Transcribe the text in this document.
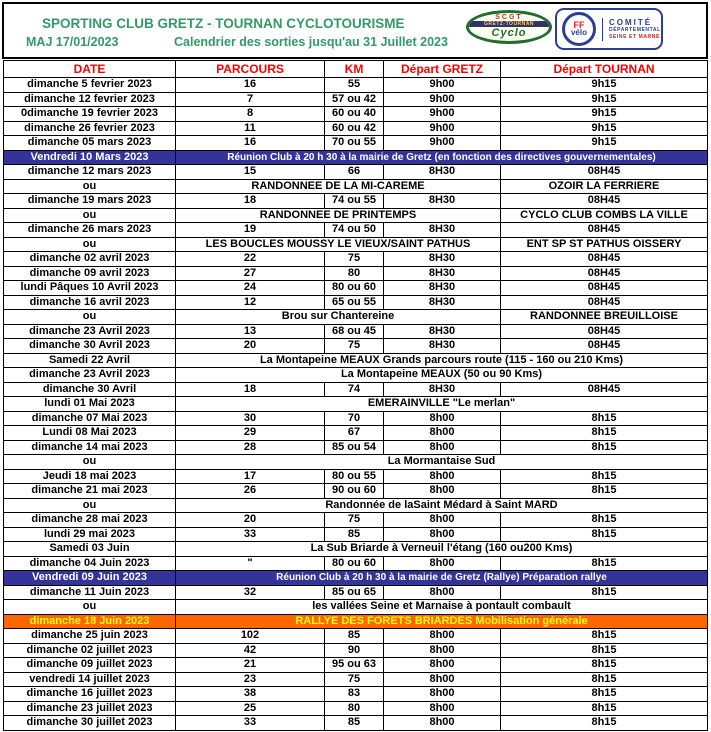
SPORTING CLUB GRETZ - TOURNAN CYCLOTOURISME
MAJ 17/01/2023	Calendrier des sorties jusqu'au 31 Juillet 2023
SCGT
GRETZ-TOURNAN
Cyclo
FF
vélo
COMITÉ
DÉPARTEMENTAL
SEINE ET MARNE
DATE	PARCOURS	KM	Départ GRETZ	Départ TOURNAN
dimanche 5 fevrier 2023	16	55	9h00	9h15
dimanche 12 fevrier 2023	7	57 ou 42	9h00	9h15
0dimanche 19 fevrier 2023	8	60 ou 40	9h00	9h15
dimanche 26 fevrier 2023	11	60 ou 42	9h00	9h15
dimanche 05 mars 2023	16	70 ou 55	9h00	9h15
Vendredi 10 Mars 2023	Réunion Club à 20 h 30 à la mairie de Gretz (en fonction des directives gouvernementales)			
dimanche 12 mars 2023	15	66	8H30	08H45
ou	RANDONNEE DE LA MI-CAREME			OZOIR LA FERRIERE
dimanche 19 mars 2023	18	74 ou 55	8H30	08H45
ou	RANDONNEE DE PRINTEMPS			CYCLO CLUB COMBS LA VILLE
dimanche 26 mars 2023	19	74 ou 50	8H30	08H45
ou	LES BOUCLES MOUSSY LE VIEUX/SAINT PATHUS			ENT SP ST PATHUS OISSERY
dimanche 02 avril 2023	22	75	8H30	08H45
dimanche 09 avril 2023	27	80	8H30	08H45
lundi Pâques 10 Avril 2023	24	80 ou 60	8H30	08H45
dimanche 16 avril 2023	12	65 ou 55	8H30	08H45
ou	Brou sur Chantereine			RANDONNEE BREUILLOISE
dimanche 23 Avril 2023	13	68 ou 45	8H30	08H45
dimanche 30 Avril 2023	20	75	8H30	08H45
Samedi 22 Avril	La Montapeine MEAUX Grands parcours route (115 - 160 ou 210 Kms)			
dimanche 23 Avril 2023	La Montapeine MEAUX (50 ou 90 Kms)			
dimanche 30 Avril	18	74	8H30	08H45
lundi 01 Mai 2023	EMERAINVILLE "Le merlan"			
dimanche 07 Mai 2023	30	70	8h00	8h15
Lundi 08 Mai 2023	29	67	8h00	8h15
dimanche 14 mai 2023	28	85 ou 54	8h00	8h15
ou	La Mormantaise Sud			
Jeudi 18 mai 2023	17	80 ou 55	8h00	8h15
dimanche 21 mai 2023	26	90 ou 60	8h00	8h15
ou	Randonnée de laSaint Médard à Saint MARD			
dimanche 28 mai 2023	20	75	8h00	8h15
lundi 29 mai 2023	33	85	8h00	8h15
Samedi 03 Juin	La Sub Briarde à Verneuil l'étang (160 ou200 Kms)			
dimanche 04 Juin 2023	"	80 ou 60	8h00	8h15
Vendredi 09 Juin 2023	Réunion Club à 20 h 30 à la mairie de Gretz (Rallye) Préparation rallye			
dimanche 11 Juin 2023	32	85 ou 65	8h00	8h15
ou	les vallées Seine et Marnaise à pontault combault			
dimanche 18 Juin 2023	RALLYE DES FORETS BRIARDES Mobilisation générale			
dimanche 25 juin 2023	102	85	8h00	8h15
dimanche 02 juillet 2023	42	90	8h00	8h15
dimanche 09 juillet 2023	21	95 ou 63	8h00	8h15
vendredi 14 juillet 2023	23	75	8h00	8h15
dimanche 16 juillet 2023	38	83	8h00	8h15
dimanche 23 juillet 2023	25	80	8h00	8h15
dimanche 30 juillet 2023	33	85	8h00	8h15
